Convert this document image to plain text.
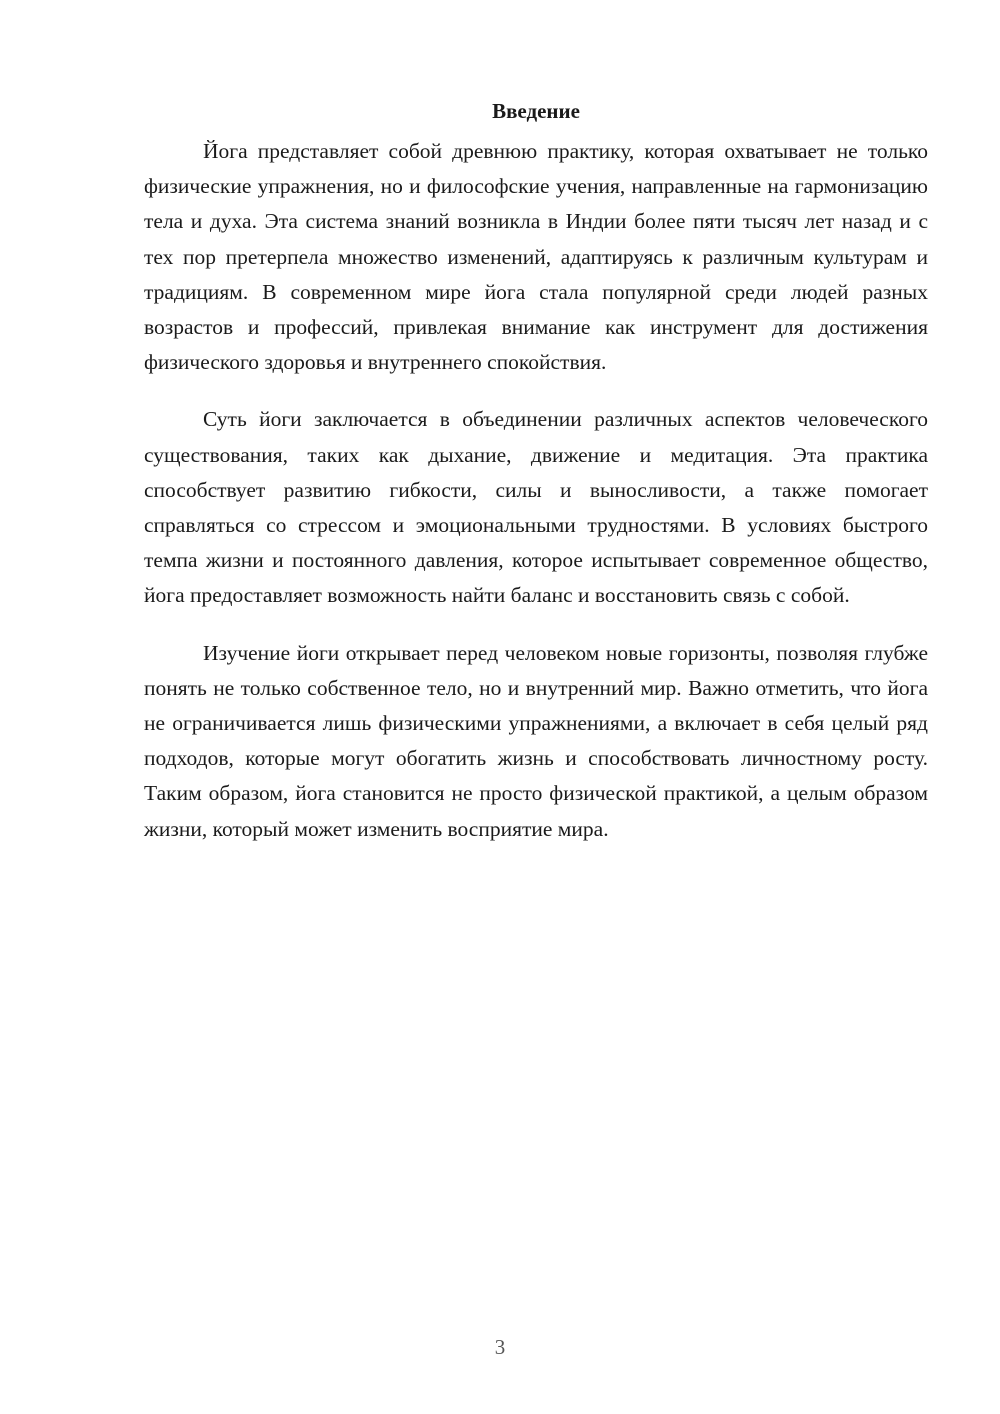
Введение

Йога представляет собой древнюю практику, которая охватывает не только физические упражнения, но и философские учения, направленные на гармонизацию тела и духа. Эта система знаний возникла в Индии более пяти тысяч лет назад и с тех пор претерпела множество изменений, адаптируясь к различным культурам и традициям. В современном мире йога стала популярной среди людей разных возрастов и профессий, привлекая внимание как инструмент для достижения физического здоровья и внутреннего спокойствия.

Суть йоги заключается в объединении различных аспектов человеческого существования, таких как дыхание, движение и медитация. Эта практика способствует развитию гибкости, силы и выносливости, а также помогает справляться со стрессом и эмоциональными трудностями. В условиях быстрого темпа жизни и постоянного давления, которое испытывает современное общество, йога предоставляет возможность найти баланс и восстановить связь с собой.

Изучение йоги открывает перед человеком новые горизонты, позволяя глубже понять не только собственное тело, но и внутренний мир. Важно отметить, что йога не ограничивается лишь физическими упражнениями, а включает в себя целый ряд подходов, которые могут обогатить жизнь и способствовать личностному росту. Таким образом, йога становится не просто физической практикой, а целым образом жизни, который может изменить восприятие мира.

3
